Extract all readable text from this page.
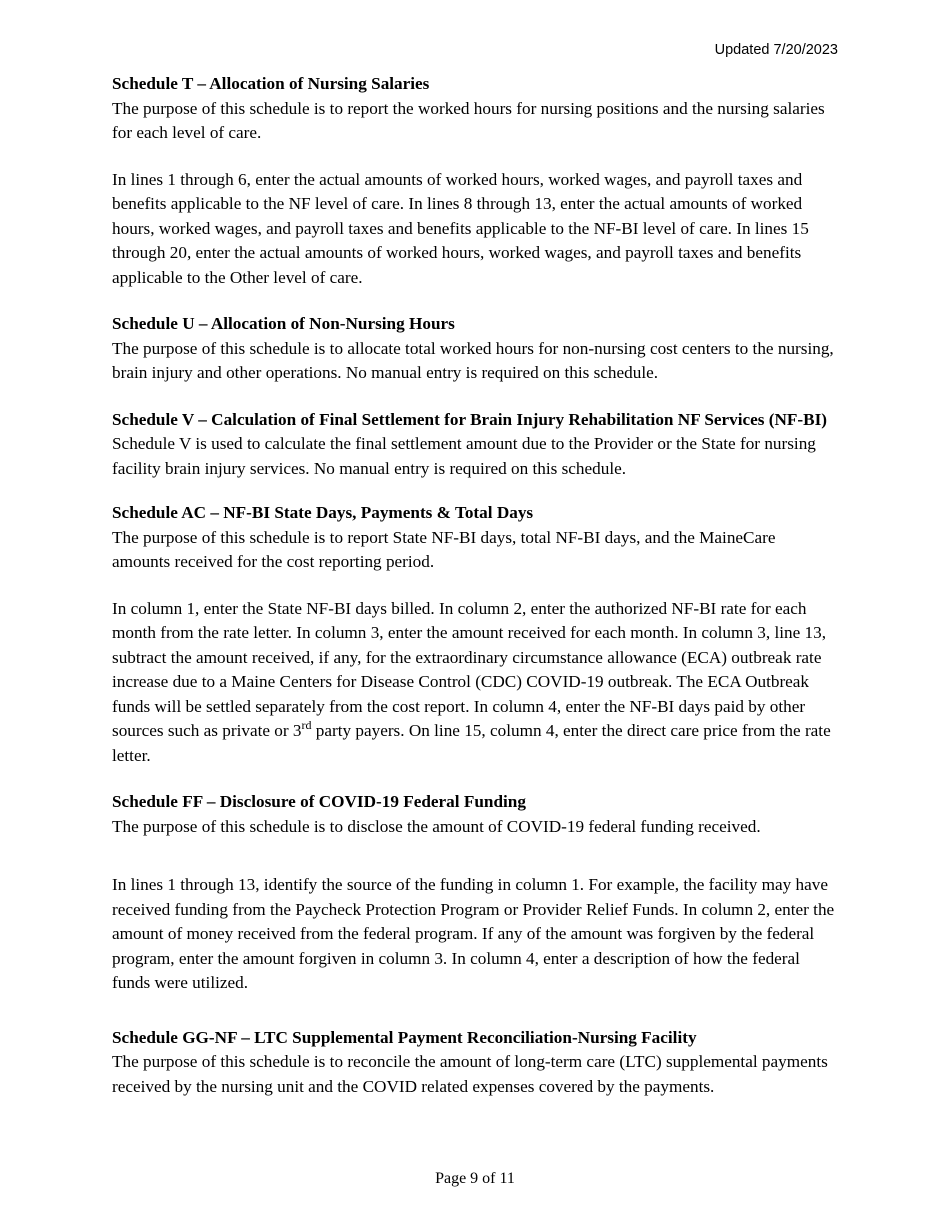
Updated 7/20/2023

Schedule T – Allocation of Nursing Salaries

The purpose of this schedule is to report the worked hours for nursing positions and the nursing salaries for each level of care.

In lines 1 through 6, enter the actual amounts of worked hours, worked wages, and payroll taxes and benefits applicable to the NF level of care. In lines 8 through 13, enter the actual amounts of worked hours, worked wages, and payroll taxes and benefits applicable to the NF-BI level of care. In lines 15 through 20, enter the actual amounts of worked hours, worked wages, and payroll taxes and benefits applicable to the Other level of care.

Schedule U – Allocation of Non-Nursing Hours

The purpose of this schedule is to allocate total worked hours for non-nursing cost centers to the nursing, brain injury and other operations. No manual entry is required on this schedule.

Schedule V – Calculation of Final Settlement for Brain Injury Rehabilitation NF Services (NF-BI) Schedule V is used to calculate the final settlement amount due to the Provider or the State for nursing facility brain injury services. No manual entry is required on this schedule.

Schedule AC – NF-BI State Days, Payments & Total Days

The purpose of this schedule is to report State NF-BI days, total NF-BI days, and the MaineCare amounts received for the cost reporting period.

In column 1, enter the State NF-BI days billed. In column 2, enter the authorized NF-BI rate for each month from the rate letter. In column 3, enter the amount received for each month. In column 3, line 13, subtract the amount received, if any, for the extraordinary circumstance allowance (ECA) outbreak rate increase due to a Maine Centers for Disease Control (CDC) COVID-19 outbreak. The ECA Outbreak funds will be settled separately from the cost report. In column 4, enter the NF-BI days paid by other sources such as private or 3rd party payers. On line 15, column 4, enter the direct care price from the rate letter.

Schedule FF – Disclosure of COVID-19 Federal Funding

The purpose of this schedule is to disclose the amount of COVID-19 federal funding received.

In lines 1 through 13, identify the source of the funding in column 1. For example, the facility may have received funding from the Paycheck Protection Program or Provider Relief Funds. In column 2, enter the amount of money received from the federal program. If any of the amount was forgiven by the federal program, enter the amount forgiven in column 3. In column 4, enter a description of how the federal funds were utilized.

Schedule GG-NF – LTC Supplemental Payment Reconciliation-Nursing Facility

The purpose of this schedule is to reconcile the amount of long-term care (LTC) supplemental payments received by the nursing unit and the COVID related expenses covered by the payments.

Page 9 of 11
